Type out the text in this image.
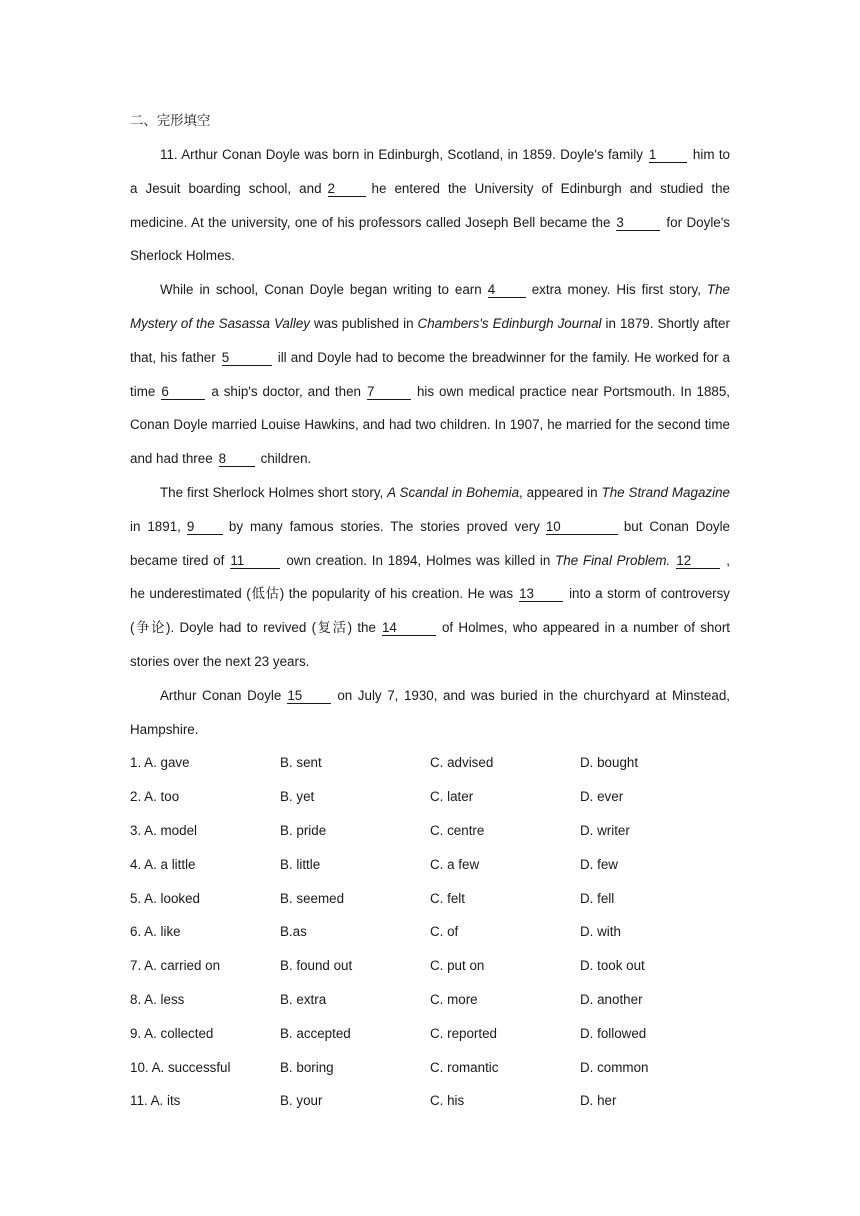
二、完形填空

11. Arthur Conan Doyle was born in Edinburgh, Scotland, in 1859. Doyle's family 1	him to a Jesuit boarding school, and 2	he entered the University of Edinburgh and studied the medicine. At the university, one of his professors called Joseph Bell became the 3	for Doyle's Sherlock Holmes.

While in school, Conan Doyle began writing to earn 4	extra money. His first story, The Mystery of the Sasassa Valley was published in Chambers's Edinburgh Journal in 1879. Shortly after that, his father 5	ill and Doyle had to become the breadwinner for the family. He worked for a time 6	a ship's doctor, and then 7	his own medical practice near Portsmouth. In 1885, Conan Doyle married Louise Hawkins, and had two children. In 1907, he married for the second time and had three 8	children.

The first Sherlock Holmes short story, A Scandal in Bohemia, appeared in The Strand Magazine in 1891, 9	by many famous stories. The stories proved very 10	but Conan Doyle became tired of 11	own creation. In 1894, Holmes was killed in The Final Problem. 12	, he underestimated (低估) the popularity of his creation. He was 13	into a storm of controversy (争论). Doyle had to revived (复活) the 14	of Holmes, who appeared in a number of short stories over the next 23 years.

Arthur Conan Doyle 15	on July 7, 1930, and was buried in the churchyard at Minstead, Hampshire.

1. A. gave	B. sent	C. advised	D. bought
2. A. too	B. yet	C. later	D. ever
3. A. model	B. pride	C. centre	D. writer
4. A. a little	B. little	C. a few	D. few
5. A. looked	B. seemed	C. felt	D. fell
6. A. like	B.as	C. of	D. with
7. A. carried on	B. found out	C. put on	D. took out
8. A. less	B. extra	C. more	D. another
9. A. collected	B. accepted	C. reported	D. followed
10. A. successful	B. boring	C. romantic	D. common
11. A. its	B. your	C. his	D. her
